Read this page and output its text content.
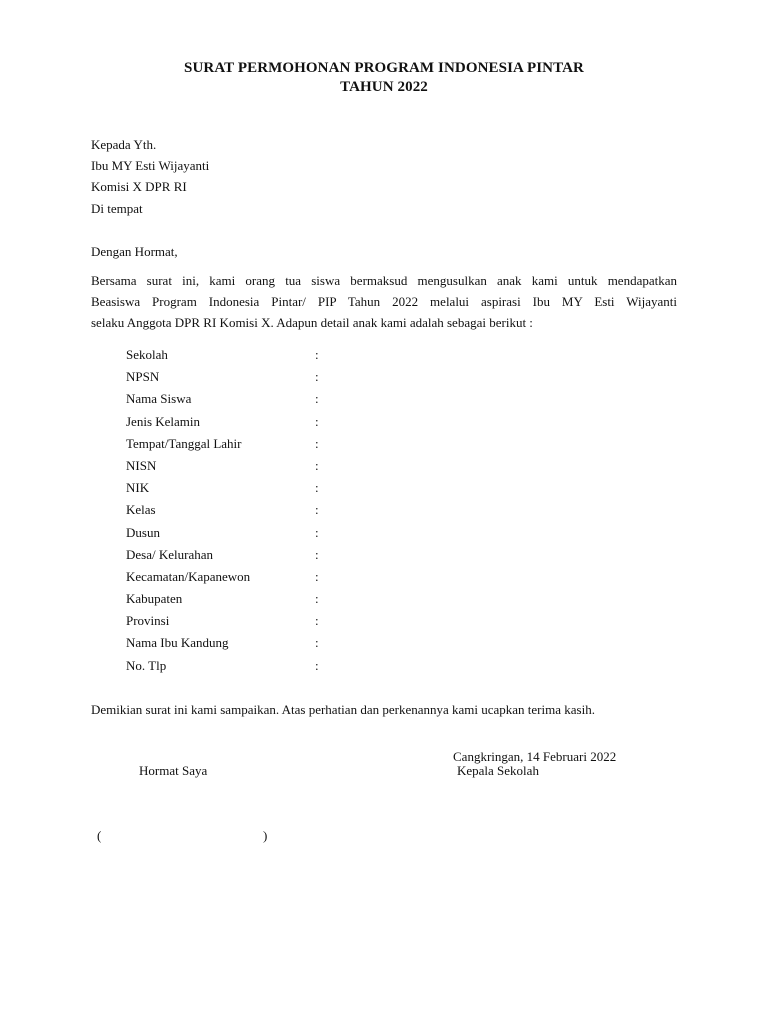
SURAT PERMOHONAN PROGRAM INDONESIA PINTAR
TAHUN 2022
Kepada Yth.
Ibu MY Esti Wijayanti
Komisi X DPR RI
Di tempat
Dengan Hormat,
Bersama surat ini, kami orang tua siswa bermaksud mengusulkan anak kami untuk mendapatkan
Beasiswa Program Indonesia Pintar/ PIP Tahun 2022 melalui aspirasi Ibu MY Esti Wijayanti
selaku Anggota DPR RI Komisi X. Adapun detail anak kami adalah sebagai berikut :
Sekolah	:
NPSN	:
Nama Siswa	:
Jenis Kelamin	:
Tempat/Tanggal Lahir	:
NISN	:
NIK	:
Kelas	:
Dusun	:
Desa/ Kelurahan	:
Kecamatan/Kapanewon	:
Kabupaten	:
Provinsi	:
Nama Ibu Kandung	:
No. Tlp	:
Demikian surat ini kami sampaikan. Atas perhatian dan perkenannya kami ucapkan terima kasih.
Cangkringan, 14 Februari 2022
Hormat Saya	Kepala Sekolah
(	)
